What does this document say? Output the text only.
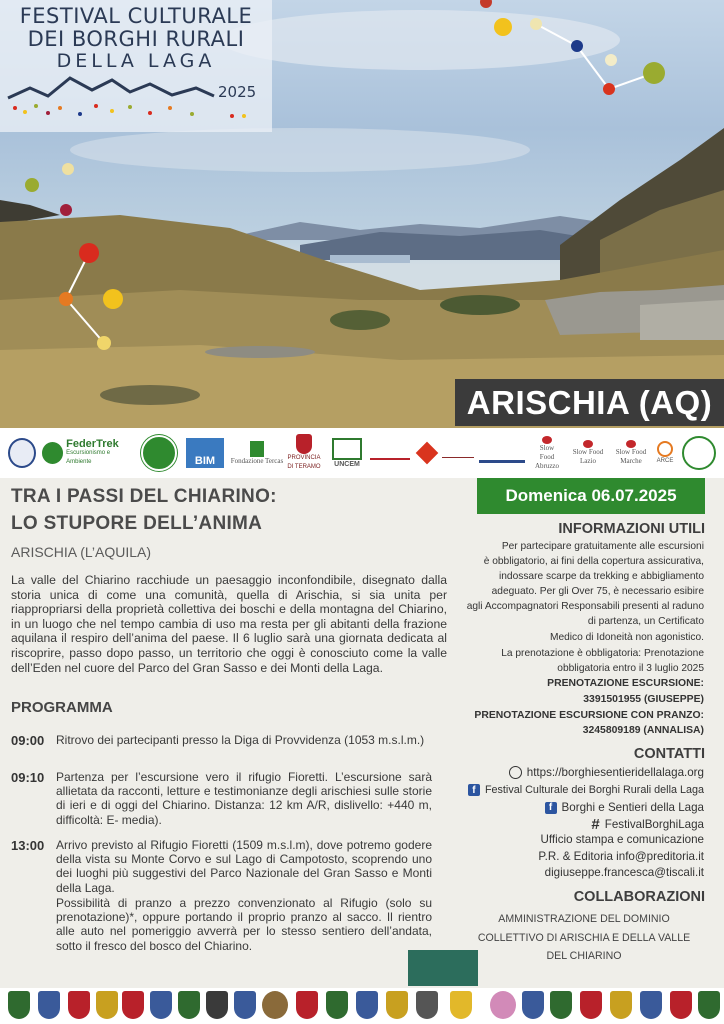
FESTIVAL CULTURALE
DEI BORGHI RURALI
DELLA LAGA
2025
ARISCHIA (AQ)
FederTrek
Escursionismo e Ambiente	BIM	Fondazione Tercas PROVINCIA DI TERAMO	UNCEM
Slow Food Abruzzo
Slow Food Lazio
Slow Food Marche	ARCE
TRA I PASSI DEL CHIARINO:
LO STUPORE DELL’ANIMA
ARISCHIA (L’AQUILA)
La valle del Chiarino racchiude un paesaggio inconfondibile, disegnato dalla storia unica di come una comunità, quella di Arischia, si sia unita per riappropriarsi della proprietà collettiva dei boschi e della montagna del Chiarino, in un luogo che nel tempo cambia di uso ma resta per gli abitanti della frazione aquilana il respiro dell’anima del paese. Il 6 luglio sarà una giornata dedicata al riscoprire, passo dopo passo, un territorio che oggi è conosciuto come la valle dell’Eden nel cuore del Parco del Gran Sasso e dei Monti della Laga.
PROGRAMMA
09:00 Ritrovo dei partecipanti presso la Diga di Provvidenza (1053 m.s.l.m.)
09:10 Partenza per l’escursione vero il rifugio Fioretti. L’escursione sarà allietata da racconti, letture e testimonianze degli arischiesi sulle storie di ieri e di oggi del Chiarino. Distanza: 12 km A/R, dislivello: +440 m, difficoltà: E- media).
13:00 Arrivo previsto al Rifugio Fioretti (1509 m.s.l.m), dove potremo godere della vista su Monte Corvo e sul Lago di Campotosto, scoprendo uno dei luoghi più suggestivi del Parco Nazionale del Gran Sasso e Monti della Laga.
Possibilità di pranzo a prezzo convenzionato al Rifugio (solo su prenotazione)*, oppure portando il proprio pranzo al sacco. Il rientro alle auto nel pomeriggio avverrà per lo stesso sentiero dell’andata, sotto il fresco del bosco del Chiarino.
Domenica 06.07.2025
INFORMAZIONI UTILI
Per partecipare gratuitamente alle escursioni
è obbligatorio, ai fini della copertura assicurativa,
indossare scarpe da trekking e abbigliamento
adeguato. Per gli Over 75, è necessario esibire
agli Accompagnatori Responsabili presenti al raduno
di partenza, un Certificato
Medico di Idoneità non agonistico.
La prenotazione è obbligatoria: Prenotazione
obbligatoria entro il 3 luglio 2025
PRENOTAZIONE ESCURSIONE:
3391501955 (GIUSEPPE)
PRENOTAZIONE ESCURSIONE CON PRANZO:
3245809189 (ANNALISA)
CONTATTI
https://borghiesentieridellalaga.org
f Festival Culturale dei Borghi Rurali della Laga
f Borghi e Sentieri della Laga
# FestivalBorghiLaga
Ufficio stampa e comunicazione
P.R. & Editoria info@preditoria.it
digiuseppe.francesca@tiscali.it
COLLABORAZIONI
AMMINISTRAZIONE DEL DOMINIO
COLLETTIVO DI ARISCHIA E DELLA VALLE
DEL CHIARINO
